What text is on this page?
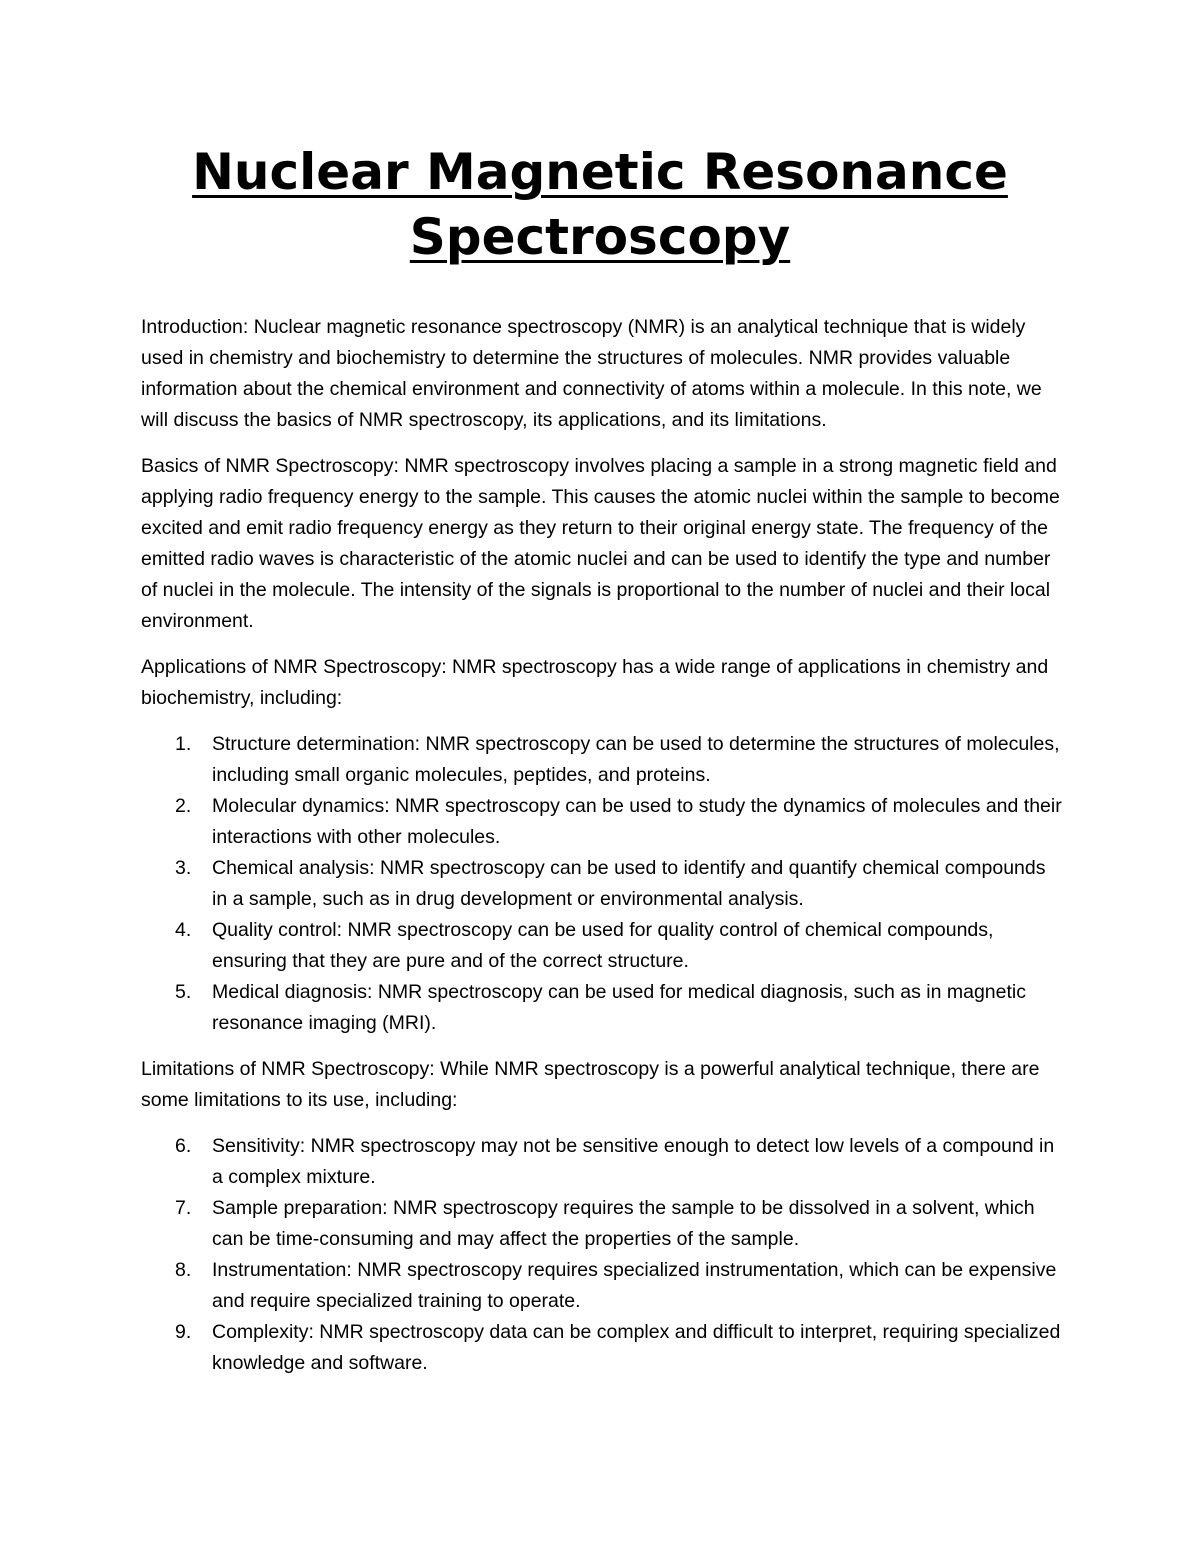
Nuclear Magnetic Resonance
Spectroscopy

Introduction: Nuclear magnetic resonance spectroscopy (NMR) is an analytical technique that is widely used in chemistry and biochemistry to determine the structures of molecules. NMR provides valuable information about the chemical environment and connectivity of atoms within a molecule. In this note, we will discuss the basics of NMR spectroscopy, its applications, and its limitations.

Basics of NMR Spectroscopy: NMR spectroscopy involves placing a sample in a strong magnetic field and applying radio frequency energy to the sample. This causes the atomic nuclei within the sample to become excited and emit radio frequency energy as they return to their original energy state. The frequency of the emitted radio waves is characteristic of the atomic nuclei and can be used to identify the type and number of nuclei in the molecule. The intensity of the signals is proportional to the number of nuclei and their local environment.

Applications of NMR Spectroscopy: NMR spectroscopy has a wide range of applications in chemistry and biochemistry, including:

1. Structure determination: NMR spectroscopy can be used to determine the structures of molecules, including small organic molecules, peptides, and proteins.
2. Molecular dynamics: NMR spectroscopy can be used to study the dynamics of molecules and their interactions with other molecules.
3. Chemical analysis: NMR spectroscopy can be used to identify and quantify chemical compounds in a sample, such as in drug development or environmental analysis.
4. Quality control: NMR spectroscopy can be used for quality control of chemical compounds, ensuring that they are pure and of the correct structure.
5. Medical diagnosis: NMR spectroscopy can be used for medical diagnosis, such as in magnetic resonance imaging (MRI).

Limitations of NMR Spectroscopy: While NMR spectroscopy is a powerful analytical technique, there are some limitations to its use, including:

6. Sensitivity: NMR spectroscopy may not be sensitive enough to detect low levels of a compound in a complex mixture.
7. Sample preparation: NMR spectroscopy requires the sample to be dissolved in a solvent, which can be time-consuming and may affect the properties of the sample.
8. Instrumentation: NMR spectroscopy requires specialized instrumentation, which can be expensive and require specialized training to operate.
9. Complexity: NMR spectroscopy data can be complex and difficult to interpret, requiring specialized knowledge and software.
